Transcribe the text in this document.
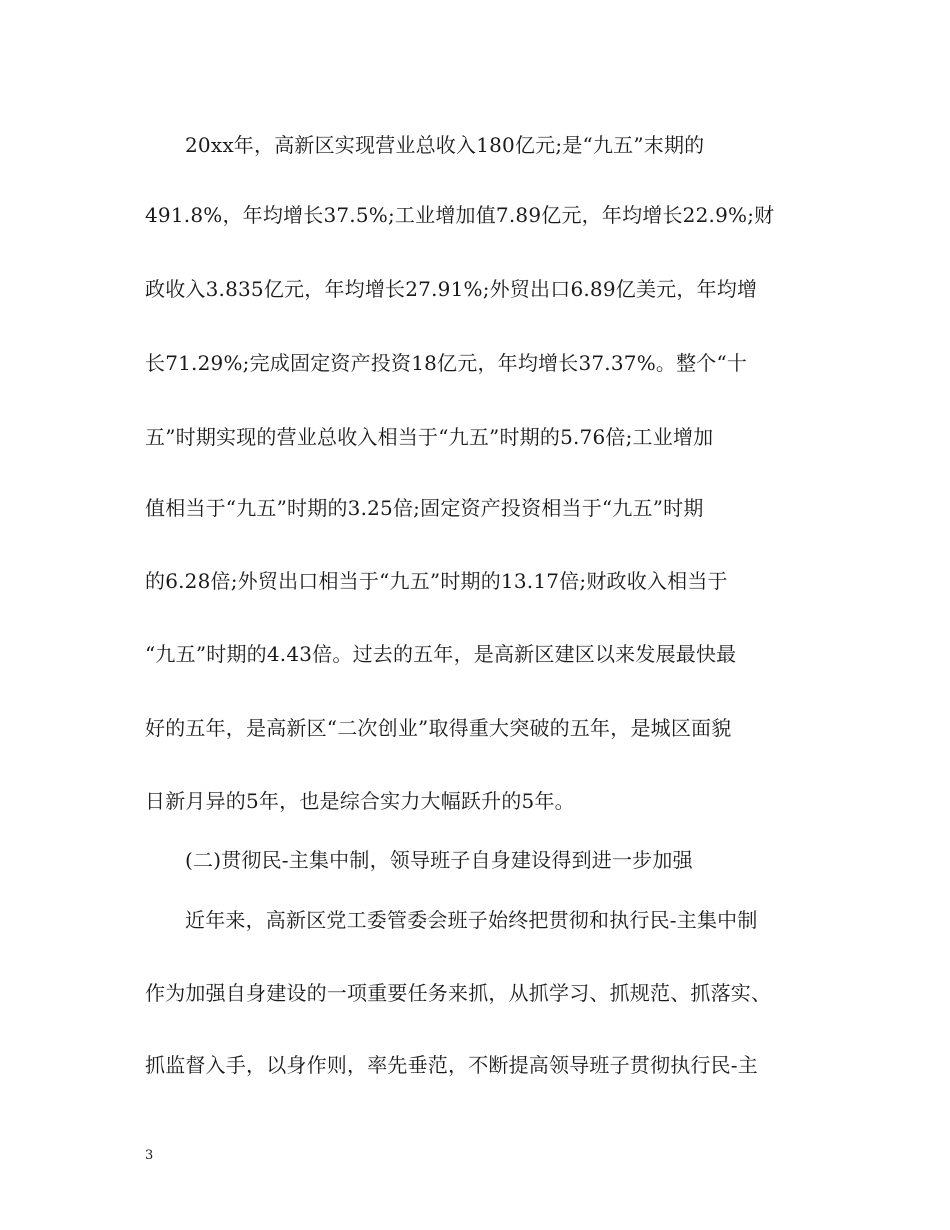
20xx年，高新区实现营业总收入180亿元;是“九五”末期的
491.8%，年均增长37.5%;工业增加值7.89亿元，年均增长22.9%;财
政收入3.835亿元，年均增长27.91%;外贸出口6.89亿美元，年均增
长71.29%;完成固定资产投资18亿元，年均增长37.37%。整个“十
五”时期实现的营业总收入相当于“九五”时期的5.76倍;工业增加
值相当于“九五”时期的3.25倍;固定资产投资相当于“九五”时期
的6.28倍;外贸出口相当于“九五”时期的13.17倍;财政收入相当于
“九五”时期的4.43倍。过去的五年，是高新区建区以来发展最快最
好的五年，是高新区“二次创业”取得重大突破的五年，是城区面貌
日新月异的5年，也是综合实力大幅跃升的5年。
(二)贯彻民-主集中制，领导班子自身建设得到进一步加强
近年来，高新区党工委管委会班子始终把贯彻和执行民-主集中制
作为加强自身建设的一项重要任务来抓，从抓学习、抓规范、抓落实、
抓监督入手，以身作则，率先垂范，不断提高领导班子贯彻执行民-主
3
